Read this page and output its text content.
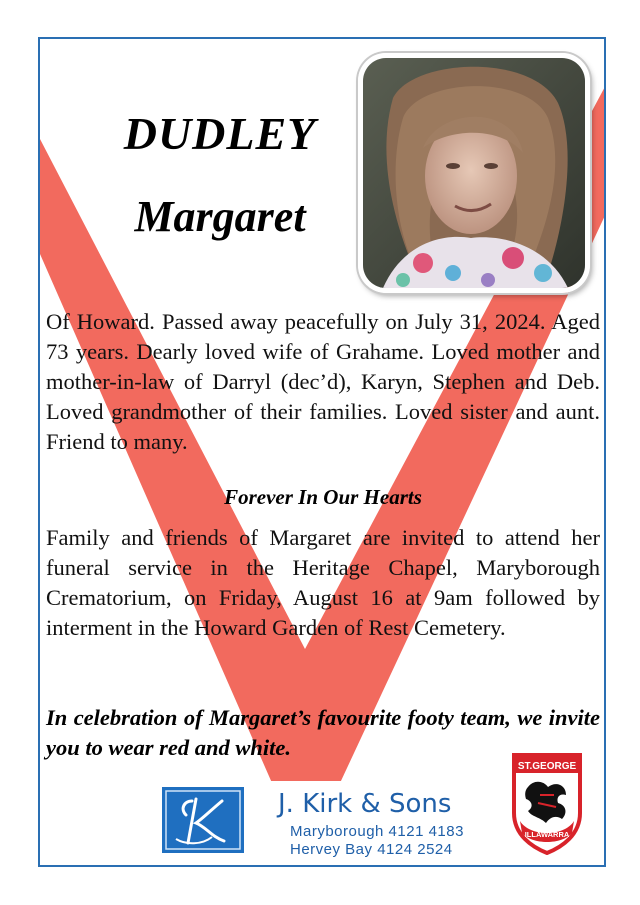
DUDLEY
Margaret
Of Howard. Passed away peacefully on July 31, 2024. Aged 73 years. Dearly loved wife of Grahame. Loved mother and mother-in-law of Darryl (dec’d), Karyn, Stephen and Deb. Loved grandmother of their families. Loved sister and aunt. Friend to many.
Forever In Our Hearts
Family and friends of Margaret are invited to attend her funeral service in the Heritage Chapel, Maryborough Crematorium, on Friday, August 16 at 9am followed by interment in the Howard Garden of Rest Cemetery.
In celebration of Margaret’s favourite footy team, we invite you to wear red and white.
J. Kirk & Sons
Maryborough 4121 4183
Hervey Bay 4124 2524
ST.GEORGE
ILLAWARRA
